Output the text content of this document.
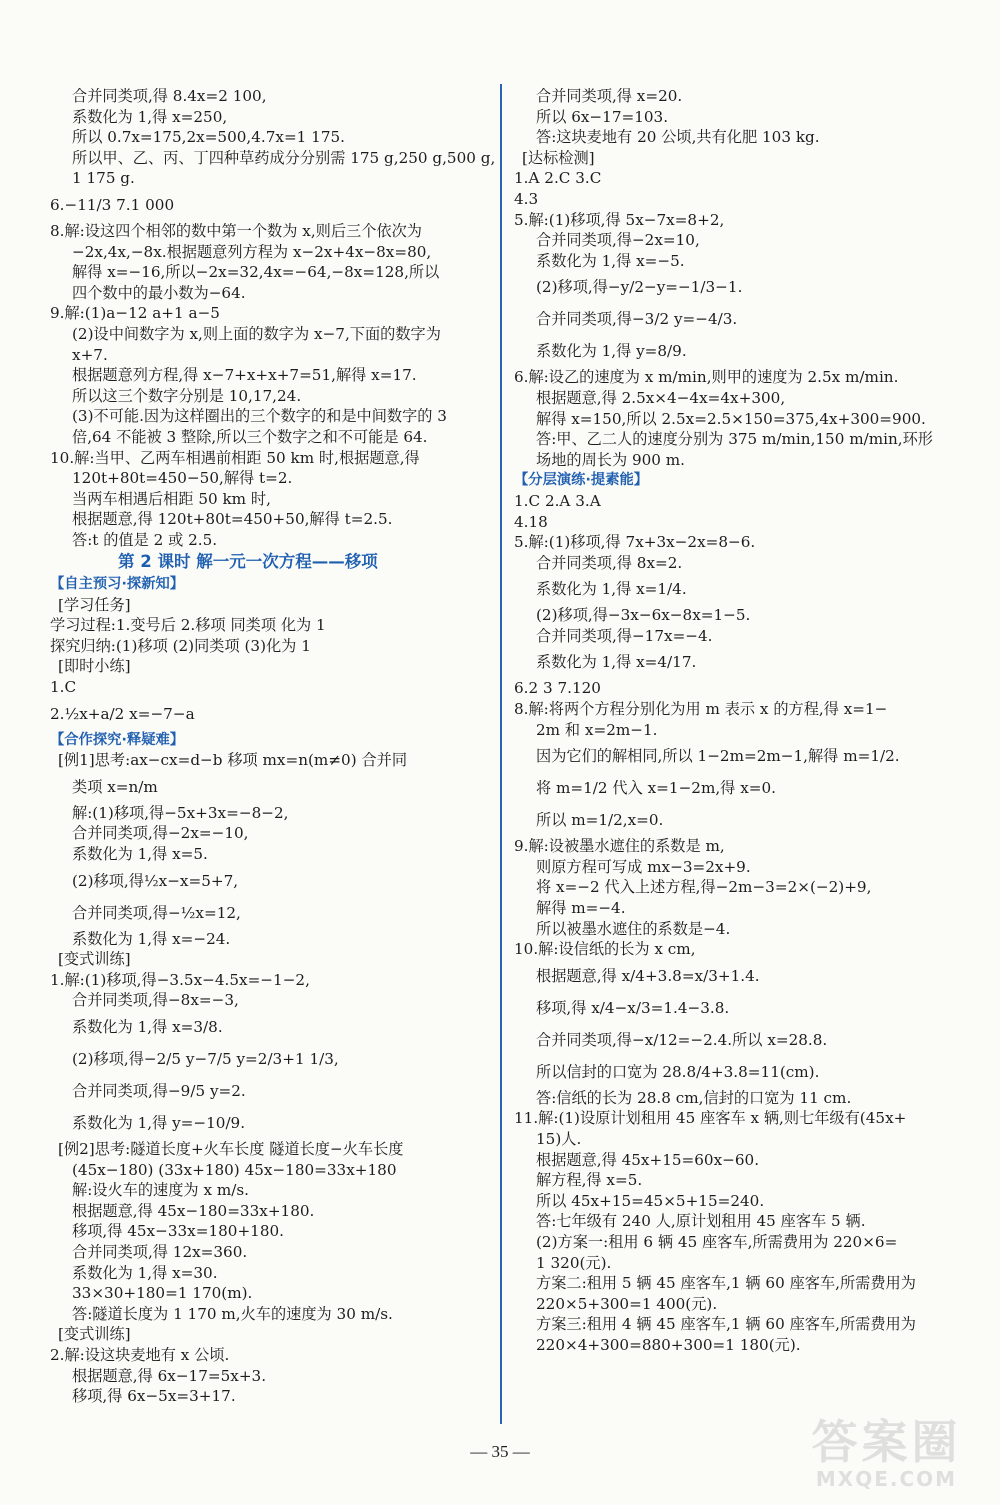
合并同类项,得 8.4x=2 100,
系数化为 1,得 x=250,
所以 0.7x=175,2x=500,4.7x=1 175.
所以甲、乙、丙、丁四种草药成分分别需 175 g,250 g,500 g,
1 175 g.
6.−11/3 7.1 000
8.解:设这四个相邻的数中第一个数为 x,则后三个依次为
−2x,4x,−8x.根据题意列方程为 x−2x+4x−8x=80,
解得 x=−16,所以−2x=32,4x=−64,−8x=128,所以
四个数中的最小数为−64.
9.解:(1)a−12 a+1 a−5
(2)设中间数字为 x,则上面的数字为 x−7,下面的数字为
x+7.
根据题意列方程,得 x−7+x+x+7=51,解得 x=17.
所以这三个数字分别是 10,17,24.
(3)不可能.因为这样圈出的三个数字的和是中间数字的 3
倍,64 不能被 3 整除,所以三个数字之和不可能是 64.
10.解:当甲、乙两车相遇前相距 50 km 时,根据题意,得
120t+80t=450−50,解得 t=2.
当两车相遇后相距 50 km 时,
根据题意,得 120t+80t=450+50,解得 t=2.5.
答:t 的值是 2 或 2.5.
第 2 课时 解一元一次方程——移项
【自主预习·探新知】
[学习任务]
学习过程:1.变号后 2.移项 同类项 化为 1
探究归纳:(1)移项 (2)同类项 (3)化为 1
[即时小练]
1.C
2.½x+a/2 x=−7−a
【合作探究·释疑难】
[例1]思考:ax−cx=d−b 移项 mx=n(m≠0) 合并同
类项 x=n/m
解:(1)移项,得−5x+3x=−8−2,
合并同类项,得−2x=−10,
系数化为 1,得 x=5.
(2)移项,得½x−x=5+7,
合并同类项,得−½x=12,
系数化为 1,得 x=−24.
[变式训练]
1.解:(1)移项,得−3.5x−4.5x=−1−2,
合并同类项,得−8x=−3,
系数化为 1,得 x=3/8.
(2)移项,得−2/5 y−7/5 y=2/3+1 1/3,
合并同类项,得−9/5 y=2.
系数化为 1,得 y=−10/9.
[例2]思考:隧道长度+火车长度 隧道长度−火车长度
(45x−180) (33x+180) 45x−180=33x+180
解:设火车的速度为 x m/s.
根据题意,得 45x−180=33x+180.
移项,得 45x−33x=180+180.
合并同类项,得 12x=360.
系数化为 1,得 x=30.
33×30+180=1 170(m).
答:隧道长度为 1 170 m,火车的速度为 30 m/s.
[变式训练]
2.解:设这块麦地有 x 公顷.
根据题意,得 6x−17=5x+3.
移项,得 6x−5x=3+17.
合并同类项,得 x=20.
所以 6x−17=103.
答:这块麦地有 20 公顷,共有化肥 103 kg.
[达标检测]
1.A 2.C 3.C
4.3
5.解:(1)移项,得 5x−7x=8+2,
合并同类项,得−2x=10,
系数化为 1,得 x=−5.
(2)移项,得−y/2−y=−1/3−1.
合并同类项,得−3/2 y=−4/3.
系数化为 1,得 y=8/9.
6.解:设乙的速度为 x m/min,则甲的速度为 2.5x m/min.
根据题意,得 2.5x×4−4x=4x+300,
解得 x=150,所以 2.5x=2.5×150=375,4x+300=900.
答:甲、乙二人的速度分别为 375 m/min,150 m/min,环形
场地的周长为 900 m.
【分层演练·提素能】
1.C 2.A 3.A
4.18
5.解:(1)移项,得 7x+3x−2x=8−6.
合并同类项,得 8x=2.
系数化为 1,得 x=1/4.
(2)移项,得−3x−6x−8x=1−5.
合并同类项,得−17x=−4.
系数化为 1,得 x=4/17.
6.2 3 7.120
8.解:将两个方程分别化为用 m 表示 x 的方程,得 x=1−
2m 和 x=2m−1.
因为它们的解相同,所以 1−2m=2m−1,解得 m=1/2.
将 m=1/2 代入 x=1−2m,得 x=0.
所以 m=1/2,x=0.
9.解:设被墨水遮住的系数是 m,
则原方程可写成 mx−3=2x+9.
将 x=−2 代入上述方程,得−2m−3=2×(−2)+9,
解得 m=−4.
所以被墨水遮住的系数是−4.
10.解:设信纸的长为 x cm,
根据题意,得 x/4+3.8=x/3+1.4.
移项,得 x/4−x/3=1.4−3.8.
合并同类项,得−x/12=−2.4.所以 x=28.8.
所以信封的口宽为 28.8/4+3.8=11(cm).
答:信纸的长为 28.8 cm,信封的口宽为 11 cm.
11.解:(1)设原计划租用 45 座客车 x 辆,则七年级有(45x+
15)人.
根据题意,得 45x+15=60x−60.
解方程,得 x=5.
所以 45x+15=45×5+15=240.
答:七年级有 240 人,原计划租用 45 座客车 5 辆.
(2)方案一:租用 6 辆 45 座客车,所需费用为 220×6=
1 320(元).
方案二:租用 5 辆 45 座客车,1 辆 60 座客车,所需费用为
220×5+300=1 400(元).
方案三:租用 4 辆 45 座客车,1 辆 60 座客车,所需费用为
220×4+300=880+300=1 180(元).
— 35 —	答案圈
MXQE.COM
